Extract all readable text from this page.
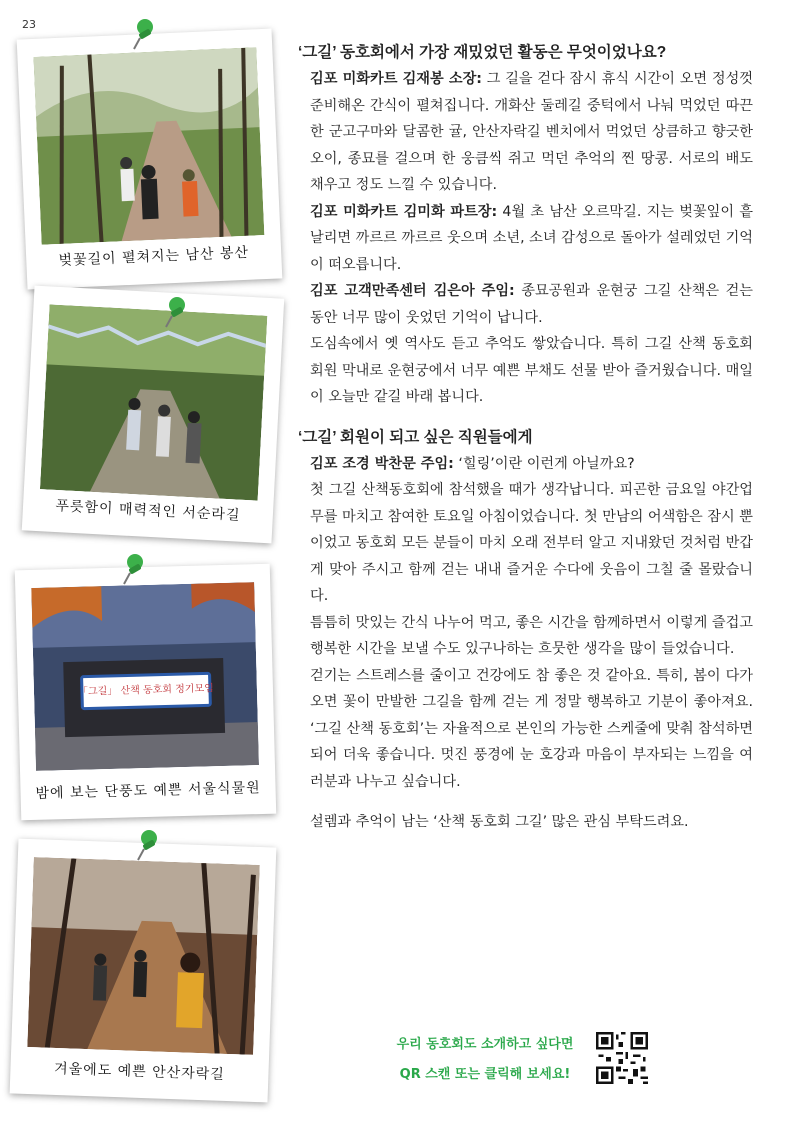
23
벚꽃길이 펼쳐지는 남산 봉산
푸릇함이 매력적인 서순라길
「그길」 산책 동호회 정기모임
밤에 보는 단풍도 예쁜 서울식물원
겨울에도 예쁜 안산자락길
‘그길’ 동호회에서 가장 재밌었던 활동은 무엇이었나요?

김포 미화카트 김재봉 소장: 그 길을 걷다 잠시 휴식 시간이 오면 정성껏 준비해온 간식이 펼쳐집니다. 개화산 둘레길 중턱에서 나눠 먹었던 따끈한 군고구마와 달콤한 귤, 안산자락길 벤치에서 먹었던 상큼하고 향긋한 오이, 종묘를 걸으며 한 웅큼씩 쥐고 먹던 추억의 찐 땅콩. 서로의 배도 채우고 정도 느낄 수 있습니다.

김포 미화카트 김미화 파트장: 4월 초 남산 오르막길. 지는 벚꽃잎이 흩날리면 까르르 까르르 웃으며 소년, 소녀 감성으로 돌아가 설레었던 기억이 떠오릅니다.

김포 고객만족센터 김은아 주임: 종묘공원과 운현궁 그길 산책은 걷는 동안 너무 많이 웃었던 기억이 납니다.

도심속에서 옛 역사도 듣고 추억도 쌓았습니다. 특히 그길 산책 동호회 회원 막내로 운현궁에서 너무 예쁜 부채도 선물 받아 즐거웠습니다. 매일이 오늘만 같길 바래 봅니다.

‘그길’ 회원이 되고 싶은 직원들에게

김포 조경 박찬문 주임: ‘힐링’이란 이런게 아닐까요?

첫 그길 산책동호회에 참석했을 때가 생각납니다. 피곤한 금요일 야간업무를 마치고 참여한 토요일 아침이었습니다. 첫 만남의 어색함은 잠시 뿐이었고 동호회 모든 분들이 마치 오래 전부터 알고 지내왔던 것처럼 반갑게 맞아 주시고 함께 걷는 내내 즐거운 수다에 웃음이 그칠 줄 몰랐습니다.

틈틈히 맛있는 간식 나누어 먹고, 좋은 시간을 함께하면서 이렇게 즐겁고 행복한 시간을 보낼 수도 있구나하는 흐뭇한 생각을 많이 들었습니다.

걷기는 스트레스를 줄이고 건강에도 참 좋은 것 같아요. 특히, 봄이 다가오면 꽃이 만발한 그길을 함께 걷는 게 정말 행복하고 기분이 좋아져요. ‘그길 산책 동호회’는 자율적으로 본인의 가능한 스케줄에 맞춰 참석하면 되어 더욱 좋습니다. 멋진 풍경에 눈 호강과 마음이 부자되는 느낌을 여러분과 나누고 싶습니다.

설렘과 추억이 남는 ‘산책 동호회 그길’ 많은 관심 부탁드려요.

우리 동호회도 소개하고 싶다면
QR 스캔 또는 클릭해 보세요!
